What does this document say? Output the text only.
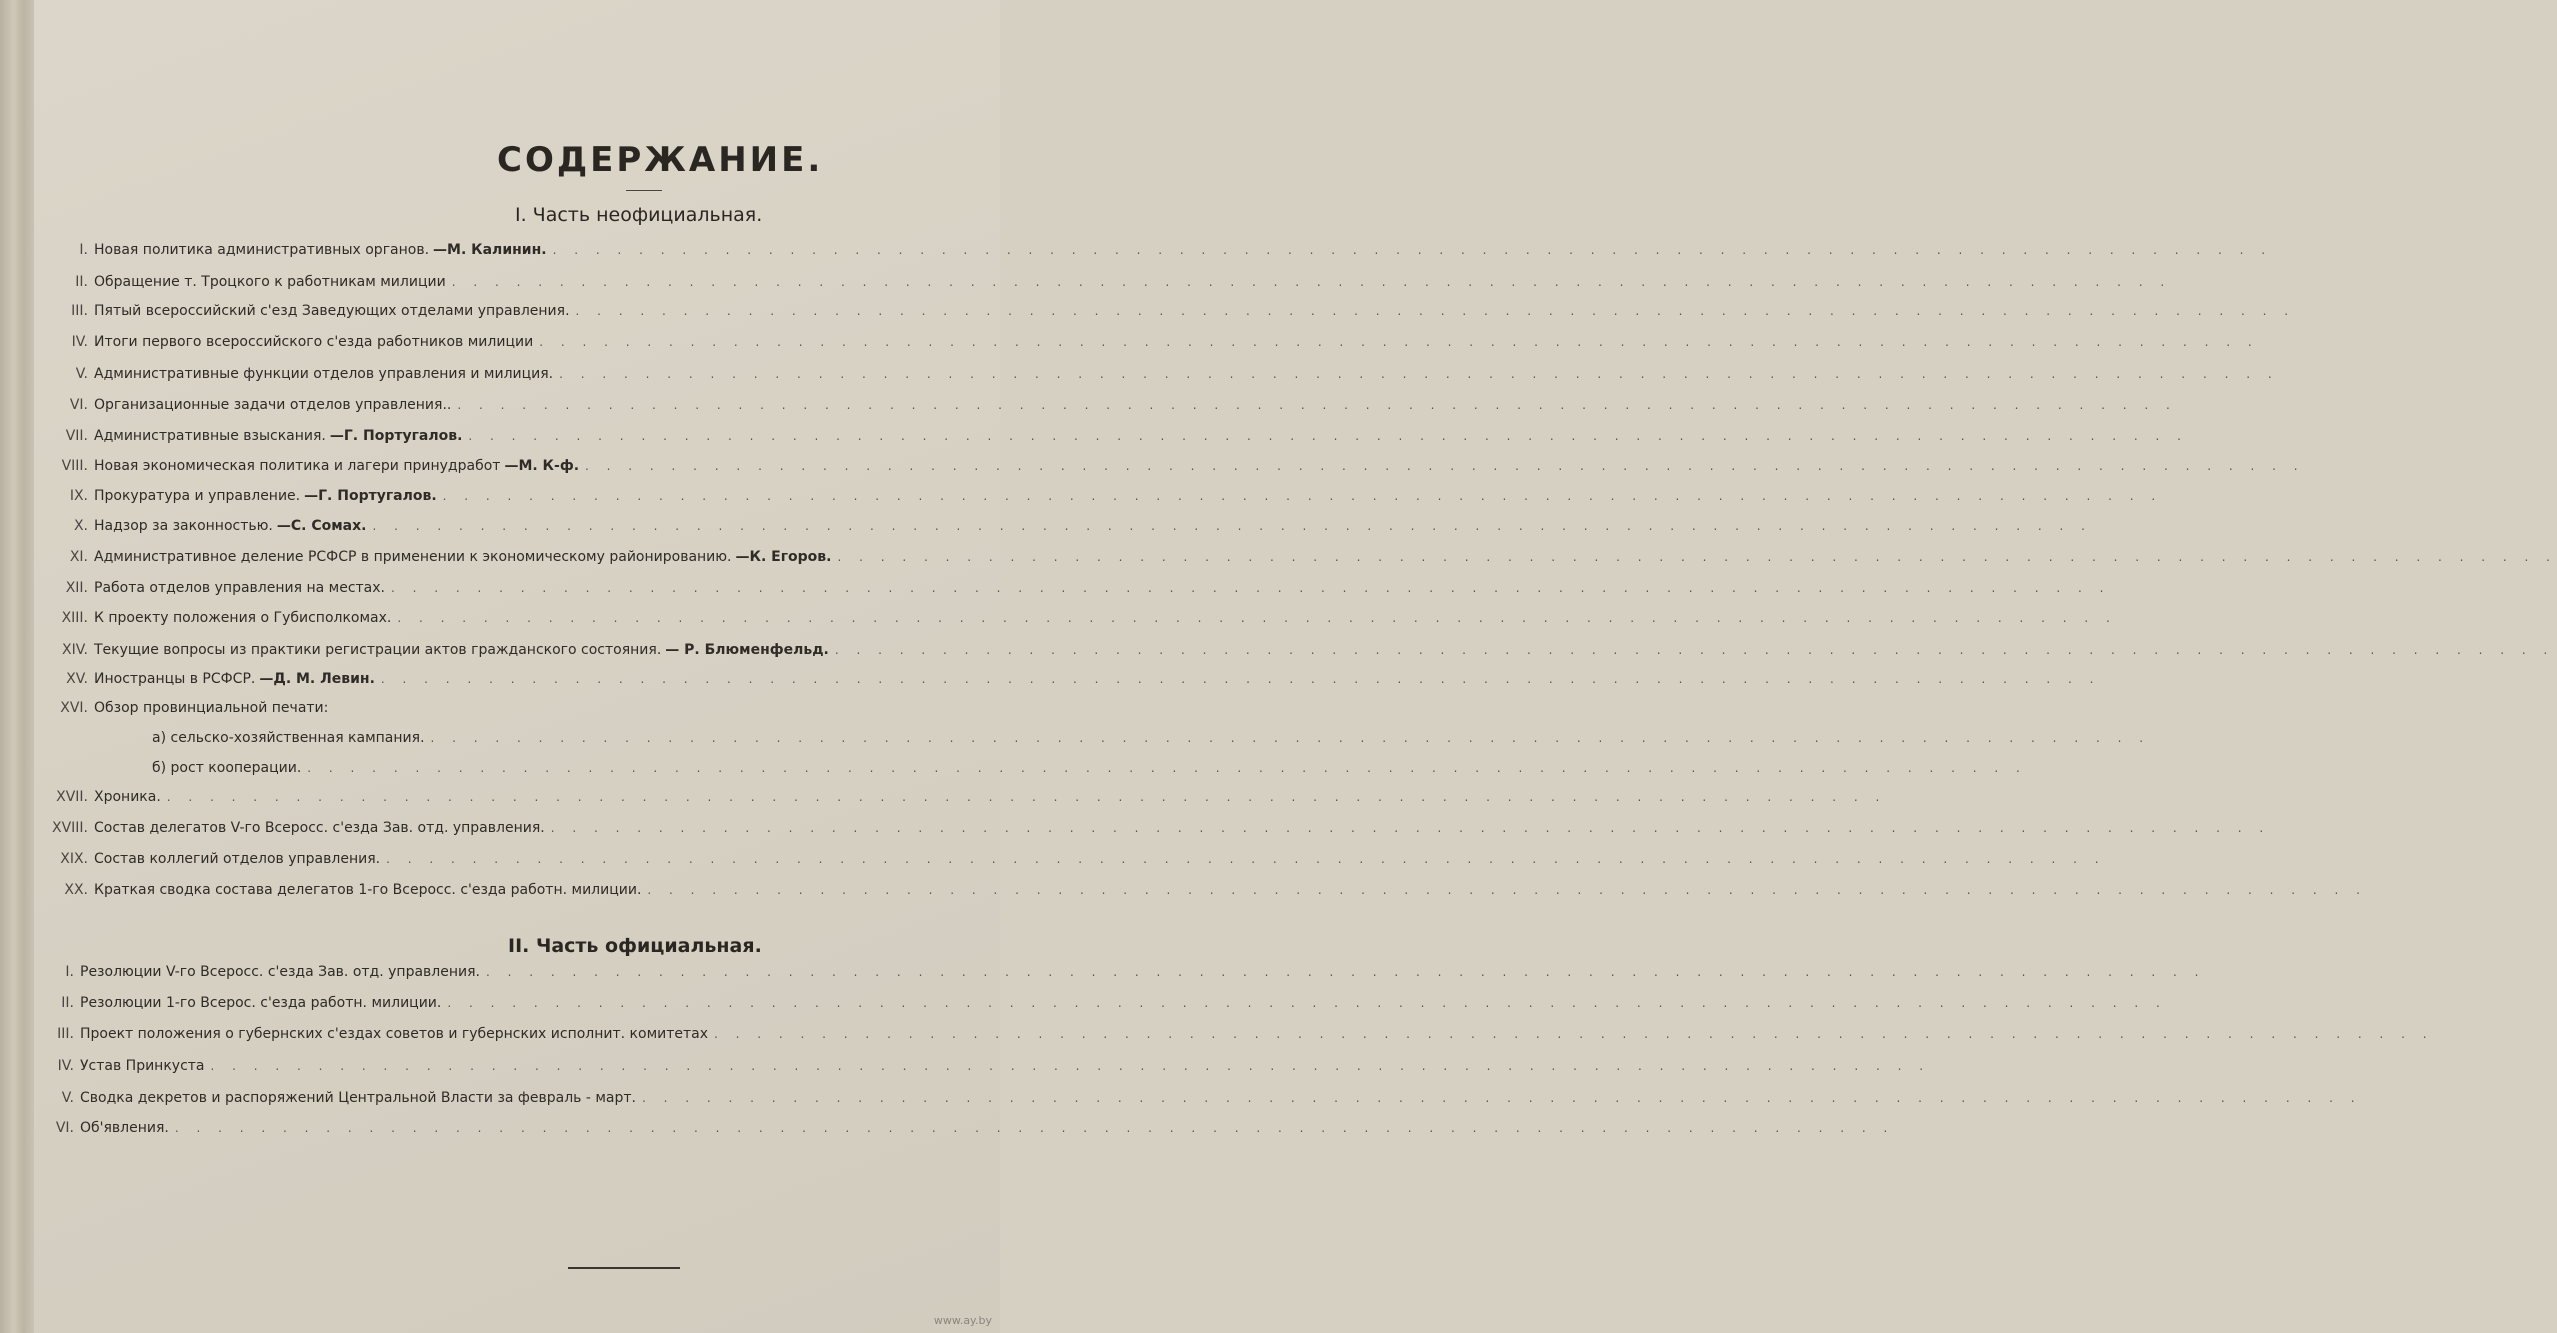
СОДЕРЖАНИЕ.
I. Часть неофициальная.
I. Новая политика административных органов. —М. Калинин. . . . . . . . . . . . . . . . . . . . . . . . . . . . . . . . . . . . . . . . . . . . . . . . . . . . . . . . . . . . . . . . . . . . . . . . . . . . . . . . .
II. Обращение т. Троцкого к работникам милиции . . . . . . . . . . . . . . . . . . . . . . . . . . . . . . . . . . . . . . . . . . . . . . . . . . . . . . . . . . . . . . . . . . . . . . . . . . . . . . . .
III. Пятый всероссийский с'езд Заведующих отделами управления. . . . . . . . . . . . . . . . . . . . . . . . . . . . . . . . . . . . . . . . . . . . . . . . . . . . . . . . . . . . . . . . . . . . . . . . . . . . . . . . .
IV. Итоги первого всероссийского с'езда работников милиции . . . . . . . . . . . . . . . . . . . . . . . . . . . . . . . . . . . . . . . . . . . . . . . . . . . . . . . . . . . . . . . . . . . . . . . . . . . . . . . .
V. Административные функции отделов управления и милиция. . . . . . . . . . . . . . . . . . . . . . . . . . . . . . . . . . . . . . . . . . . . . . . . . . . . . . . . . . . . . . . . . . . . . . . . . . . . . . . . .
VI. Организационные задачи отделов управления.. . . . . . . . . . . . . . . . . . . . . . . . . . . . . . . . . . . . . . . . . . . . . . . . . . . . . . . . . . . . . . . . . . . . . . . . . . . . . . . . .
VII. Административные взыскания. —Г. Португалов. . . . . . . . . . . . . . . . . . . . . . . . . . . . . . . . . . . . . . . . . . . . . . . . . . . . . . . . . . . . . . . . . . . . . . . . . . . . . . . . .
VIII. Новая экономическая политика и лагери принудработ —М. К-ф. . . . . . . . . . . . . . . . . . . . . . . . . . . . . . . . . . . . . . . . . . . . . . . . . . . . . . . . . . . . . . . . . . . . . . . . . . . . . . . . .
IX. Прокуратура и управление. —Г. Португалов. . . . . . . . . . . . . . . . . . . . . . . . . . . . . . . . . . . . . . . . . . . . . . . . . . . . . . . . . . . . . . . . . . . . . . . . . . . . . . . . .
X. Надзор за законностью. —С. Сомах. . . . . . . . . . . . . . . . . . . . . . . . . . . . . . . . . . . . . . . . . . . . . . . . . . . . . . . . . . . . . . . . . . . . . . . . . . . . . . . . .
XI. Административное деление РСФСР в применении к экономическому районированию. —К. Егоров. . . . . . . . . . . . . . . . . . . . . . . . . . . . . . . . . . . . . . . . . . . . . . . . . . . . . . . . . . . . . . . . . . . . . . . . . . . . . . . . .
XII. Работа отделов управления на местах. . . . . . . . . . . . . . . . . . . . . . . . . . . . . . . . . . . . . . . . . . . . . . . . . . . . . . . . . . . . . . . . . . . . . . . . . . . . . . . . .
XIII. К проекту положения о Губисполкомах. . . . . . . . . . . . . . . . . . . . . . . . . . . . . . . . . . . . . . . . . . . . . . . . . . . . . . . . . . . . . . . . . . . . . . . . . . . . . . . . .
XIV. Текущие вопросы из практики регистрации актов гражданского состояния. — Р. Блюменфельд. . . . . . . . . . . . . . . . . . . . . . . . . . . . . . . . . . . . . . . . . . . . . . . . . . . . . . . . . . . . . . . . . . . . . . . . . . . . . . . . .
XV. Иностранцы в РСФСР. —Д. М. Левин. . . . . . . . . . . . . . . . . . . . . . . . . . . . . . . . . . . . . . . . . . . . . . . . . . . . . . . . . . . . . . . . . . . . . . . . . . . . . . . . .
XVI. Обзор провинциальной печати:
а) сельско-хозяйственная кампания. . . . . . . . . . . . . . . . . . . . . . . . . . . . . . . . . . . . . . . . . . . . . . . . . . . . . . . . . . . . . . . . . . . . . . . . . . . . . . . . .
б) рост кооперации. . . . . . . . . . . . . . . . . . . . . . . . . . . . . . . . . . . . . . . . . . . . . . . . . . . . . . . . . . . . . . . . . . . . . . . . . . . . . . . . .
XVII. Хроника. . . . . . . . . . . . . . . . . . . . . . . . . . . . . . . . . . . . . . . . . . . . . . . . . . . . . . . . . . . . . . . . . . . . . . . . . . . . . . . . .
XVIII. Состав делегатов V-го Всеросс. с'езда Зав. отд. управления. . . . . . . . . . . . . . . . . . . . . . . . . . . . . . . . . . . . . . . . . . . . . . . . . . . . . . . . . . . . . . . . . . . . . . . . . . . . . . . . .
XIX. Состав коллегий отделов управления. . . . . . . . . . . . . . . . . . . . . . . . . . . . . . . . . . . . . . . . . . . . . . . . . . . . . . . . . . . . . . . . . . . . . . . . . . . . . . . . .
XX. Краткая сводка состава делегатов 1-го Всеросс. с'езда работн. милиции. . . . . . . . . . . . . . . . . . . . . . . . . . . . . . . . . . . . . . . . . . . . . . . . . . . . . . . . . . . . . . . . . . . . . . . . . . . . . . . . .
II. Часть официальная.
I. Резолюции V-го Всеросс. с'езда Зав. отд. управления. . . . . . . . . . . . . . . . . . . . . . . . . . . . . . . . . . . . . . . . . . . . . . . . . . . . . . . . . . . . . . . . . . . . . . . . . . . . . . . . .
II. Резолюции 1-го Всерос. с'езда работн. милиции. . . . . . . . . . . . . . . . . . . . . . . . . . . . . . . . . . . . . . . . . . . . . . . . . . . . . . . . . . . . . . . . . . . . . . . . . . . . . . . . .
III. Проект положения о губернских с'ездах советов и губернских исполнит. комитетах . . . . . . . . . . . . . . . . . . . . . . . . . . . . . . . . . . . . . . . . . . . . . . . . . . . . . . . . . . . . . . . . . . . . . . . . . . . . . . . .
IV. Устав Принкуста . . . . . . . . . . . . . . . . . . . . . . . . . . . . . . . . . . . . . . . . . . . . . . . . . . . . . . . . . . . . . . . . . . . . . . . . . . . . . . . .
V. Сводка декретов и распоряжений Центральной Власти за февраль - март. . . . . . . . . . . . . . . . . . . . . . . . . . . . . . . . . . . . . . . . . . . . . . . . . . . . . . . . . . . . . . . . . . . . . . . . . . . . . . . . .
VI. Об'явления. . . . . . . . . . . . . . . . . . . . . . . . . . . . . . . . . . . . . . . . . . . . . . . . . . . . . . . . . . . . . . . . . . . . . . . . . . . . . . . . .
www.ay.by
